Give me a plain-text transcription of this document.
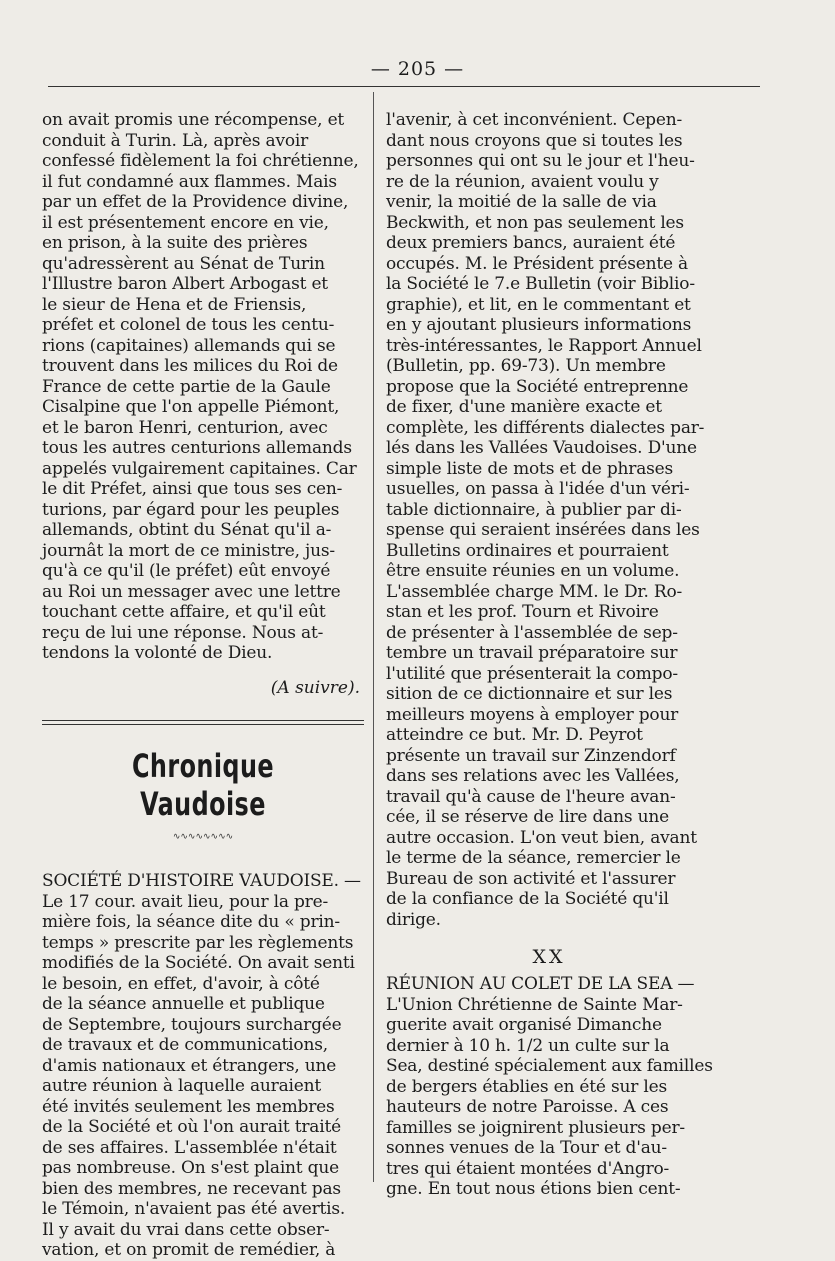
— 205 —
on avait promis une récompense, et
conduit à Turin. Là, après avoir
confessé fidèlement la foi chrétienne,
il fut condamné aux flammes. Mais
par un effet de la Providence divine,
il est présentement encore en vie,
en prison, à la suite des prières
qu'adressèrent au Sénat de Turin
l'Illustre baron Albert Arbogast et
le sieur de Hena et de Friensis,
préfet et colonel de tous les centu-
rions (capitaines) allemands qui se
trouvent dans les milices du Roi de
France de cette partie de la Gaule
Cisalpine que l'on appelle Piémont,
et le baron Henri, centurion, avec
tous les autres centurions allemands
appelés vulgairement capitaines. Car
le dit Préfet, ainsi que tous ses cen-
turions, par égard pour les peuples
allemands, obtint du Sénat qu'il a-
journât la mort de ce ministre, jus-
qu'à ce qu'il (le préfet) eût envoyé
au Roi un messager avec une lettre
touchant cette affaire, et qu'il eût
reçu de lui une réponse. Nous at-
tendons la volonté de Dieu.
(A suivre).
Chronique Vaudoise
∿∿∿∿∿∿∿∿
SOCIÉTÉ D'HISTOIRE VAUDOISE. —
Le 17 cour. avait lieu, pour la pre-
mière fois, la séance dite du « prin-
temps » prescrite par les règlements
modifiés de la Société. On avait senti
le besoin, en effet, d'avoir, à côté
de la séance annuelle et publique
de Septembre, toujours surchargée
de travaux et de communications,
d'amis nationaux et étrangers, une
autre réunion à laquelle auraient
été invités seulement les membres
de la Société et où l'on aurait traité
de ses affaires. L'assemblée n'était
pas nombreuse. On s'est plaint que
bien des membres, ne recevant pas
le Témoin, n'avaient pas été avertis.
Il y avait du vrai dans cette obser-
vation, et on promit de remédier, à
l'avenir, à cet inconvénient. Cepen-
dant nous croyons que si toutes les
personnes qui ont su le jour et l'heu-
re de la réunion, avaient voulu y
venir, la moitié de la salle de via
Beckwith, et non pas seulement les
deux premiers bancs, auraient été
occupés. M. le Président présente à
la Société le 7.e Bulletin (voir Biblio-
graphie), et lit, en le commentant et
en y ajoutant plusieurs informations
très-intéressantes, le Rapport Annuel
(Bulletin, pp. 69-73). Un membre
propose que la Société entreprenne
de fixer, d'une manière exacte et
complète, les différents dialectes par-
lés dans les Vallées Vaudoises. D'une
simple liste de mots et de phrases
usuelles, on passa à l'idée d'un véri-
table dictionnaire, à publier par di-
spense qui seraient insérées dans les
Bulletins ordinaires et pourraient
être ensuite réunies en un volume.
L'assemblée charge MM. le Dr. Ro-
stan et les prof. Tourn et Rivoire
de présenter à l'assemblée de sep-
tembre un travail préparatoire sur
l'utilité que présenterait la compo-
sition de ce dictionnaire et sur les
meilleurs moyens à employer pour
atteindre ce but. Mr. D. Peyrot
présente un travail sur Zinzendorf
dans ses relations avec les Vallées,
travail qu'à cause de l'heure avan-
cée, il se réserve de lire dans une
autre occasion. L'on veut bien, avant
le terme de la séance, remercier le
Bureau de son activité et l'assurer
de la confiance de la Société qu'il
dirige.
XX
RÉUNION AU COLET DE LA SEA —
L'Union Chrétienne de Sainte Mar-
guerite avait organisé Dimanche
dernier à 10 h. 1/2 un culte sur la
Sea, destiné spécialement aux familles
de bergers établies en été sur les
hauteurs de notre Paroisse. A ces
familles se joignirent plusieurs per-
sonnes venues de la Tour et d'au-
tres qui étaient montées d'Angro-
gne. En tout nous étions bien cent-
